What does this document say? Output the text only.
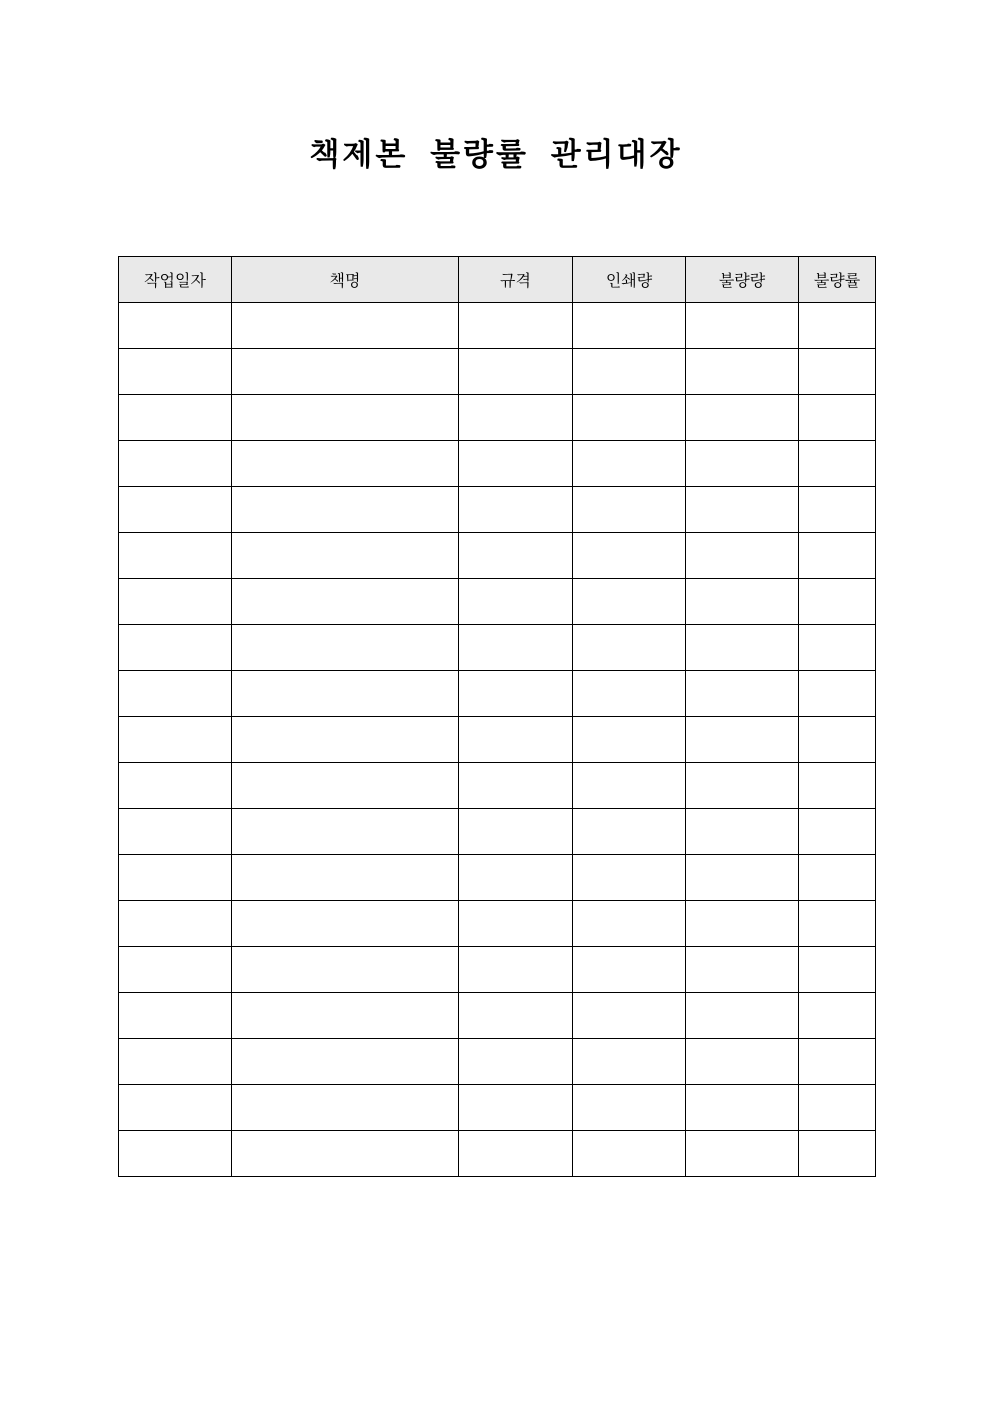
책제본 불량률 관리대장
작업일자	책명	규격	인쇄량	불량량	불량률
